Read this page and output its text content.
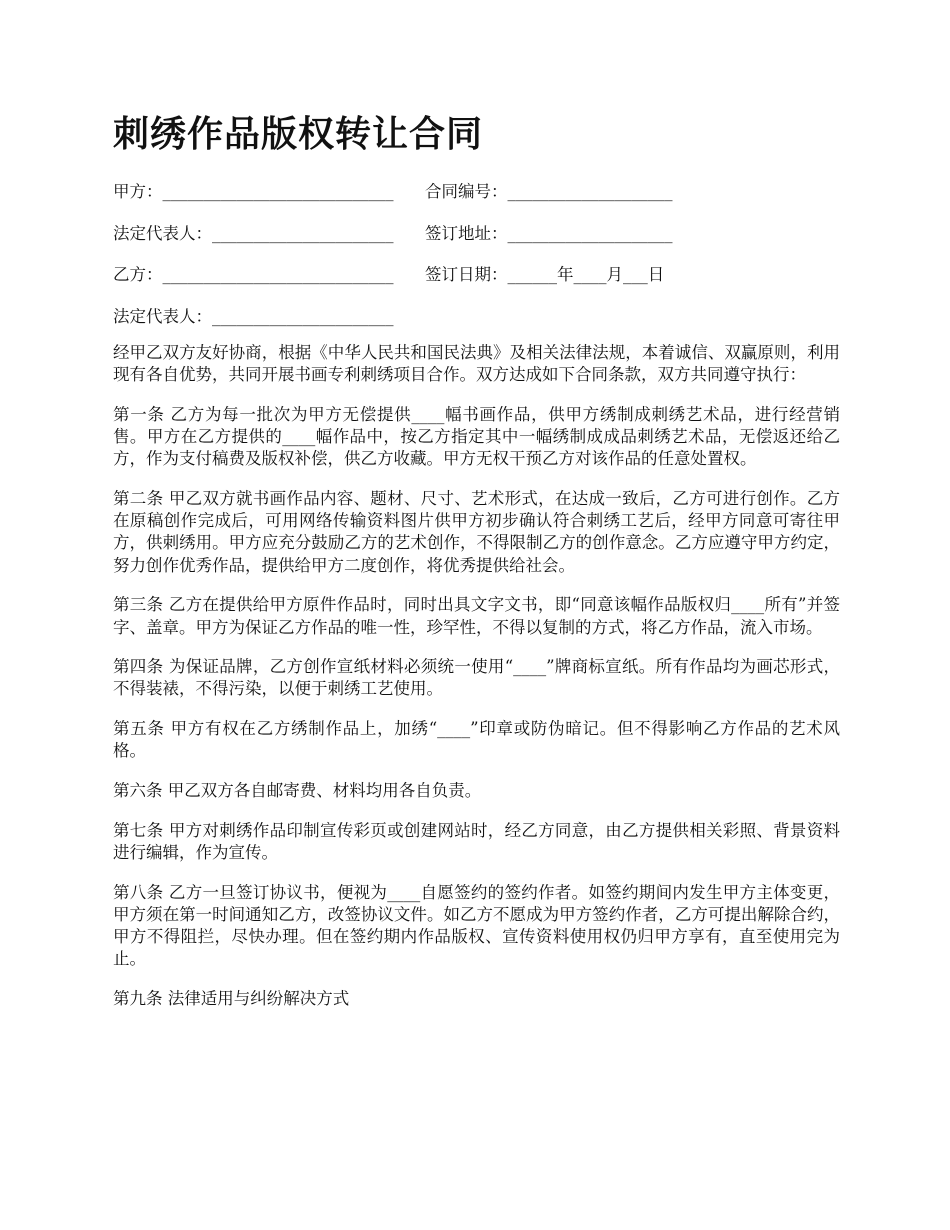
刺绣作品版权转让合同
甲方：____________________________ 合同编号：____________________
法定代表人：______________________ 签订地址：____________________
乙方：____________________________ 签订日期：______年____月___日
法定代表人：______________________

经甲乙双方友好协商，根据《中华人民共和国民法典》及相关法律法规，本着诚信、双赢原则，利用现有各自优势，共同开展书画专利刺绣项目合作。双方达成如下合同条款，双方共同遵守执行：

第一条 乙方为每一批次为甲方无偿提供____幅书画作品，供甲方绣制成刺绣艺术品，进行经营销售。甲方在乙方提供的____幅作品中，按乙方指定其中一幅绣制成成品刺绣艺术品，无偿返还给乙方，作为支付稿费及版权补偿，供乙方收藏。甲方无权干预乙方对该作品的任意处置权。

第二条 甲乙双方就书画作品内容、题材、尺寸、艺术形式，在达成一致后，乙方可进行创作。乙方在原稿创作完成后，可用网络传输资料图片供甲方初步确认符合刺绣工艺后，经甲方同意可寄往甲方，供刺绣用。甲方应充分鼓励乙方的艺术创作，不得限制乙方的创作意念。乙方应遵守甲方约定，努力创作优秀作品，提供给甲方二度创作，将优秀提供给社会。

第三条 乙方在提供给甲方原件作品时，同时出具文字文书，即“同意该幅作品版权归____所有”并签字、盖章。甲方为保证乙方作品的唯一性，珍罕性，不得以复制的方式，将乙方作品，流入市场。

第四条 为保证品牌，乙方创作宣纸材料必须统一使用“____”牌商标宣纸。所有作品均为画芯形式，不得装裱，不得污染，以便于刺绣工艺使用。

第五条 甲方有权在乙方绣制作品上，加绣“____”印章或防伪暗记。但不得影响乙方作品的艺术风格。

第六条 甲乙双方各自邮寄费、材料均用各自负责。

第七条 甲方对刺绣作品印制宣传彩页或创建网站时，经乙方同意，由乙方提供相关彩照、背景资料进行编辑，作为宣传。

第八条 乙方一旦签订协议书，便视为____自愿签约的签约作者。如签约期间内发生甲方主体变更，甲方须在第一时间通知乙方，改签协议文件。如乙方不愿成为甲方签约作者，乙方可提出解除合约，甲方不得阻拦，尽快办理。但在签约期内作品版权、宣传资料使用权仍归甲方享有，直至使用完为止。

第九条 法律适用与纠纷解决方式
